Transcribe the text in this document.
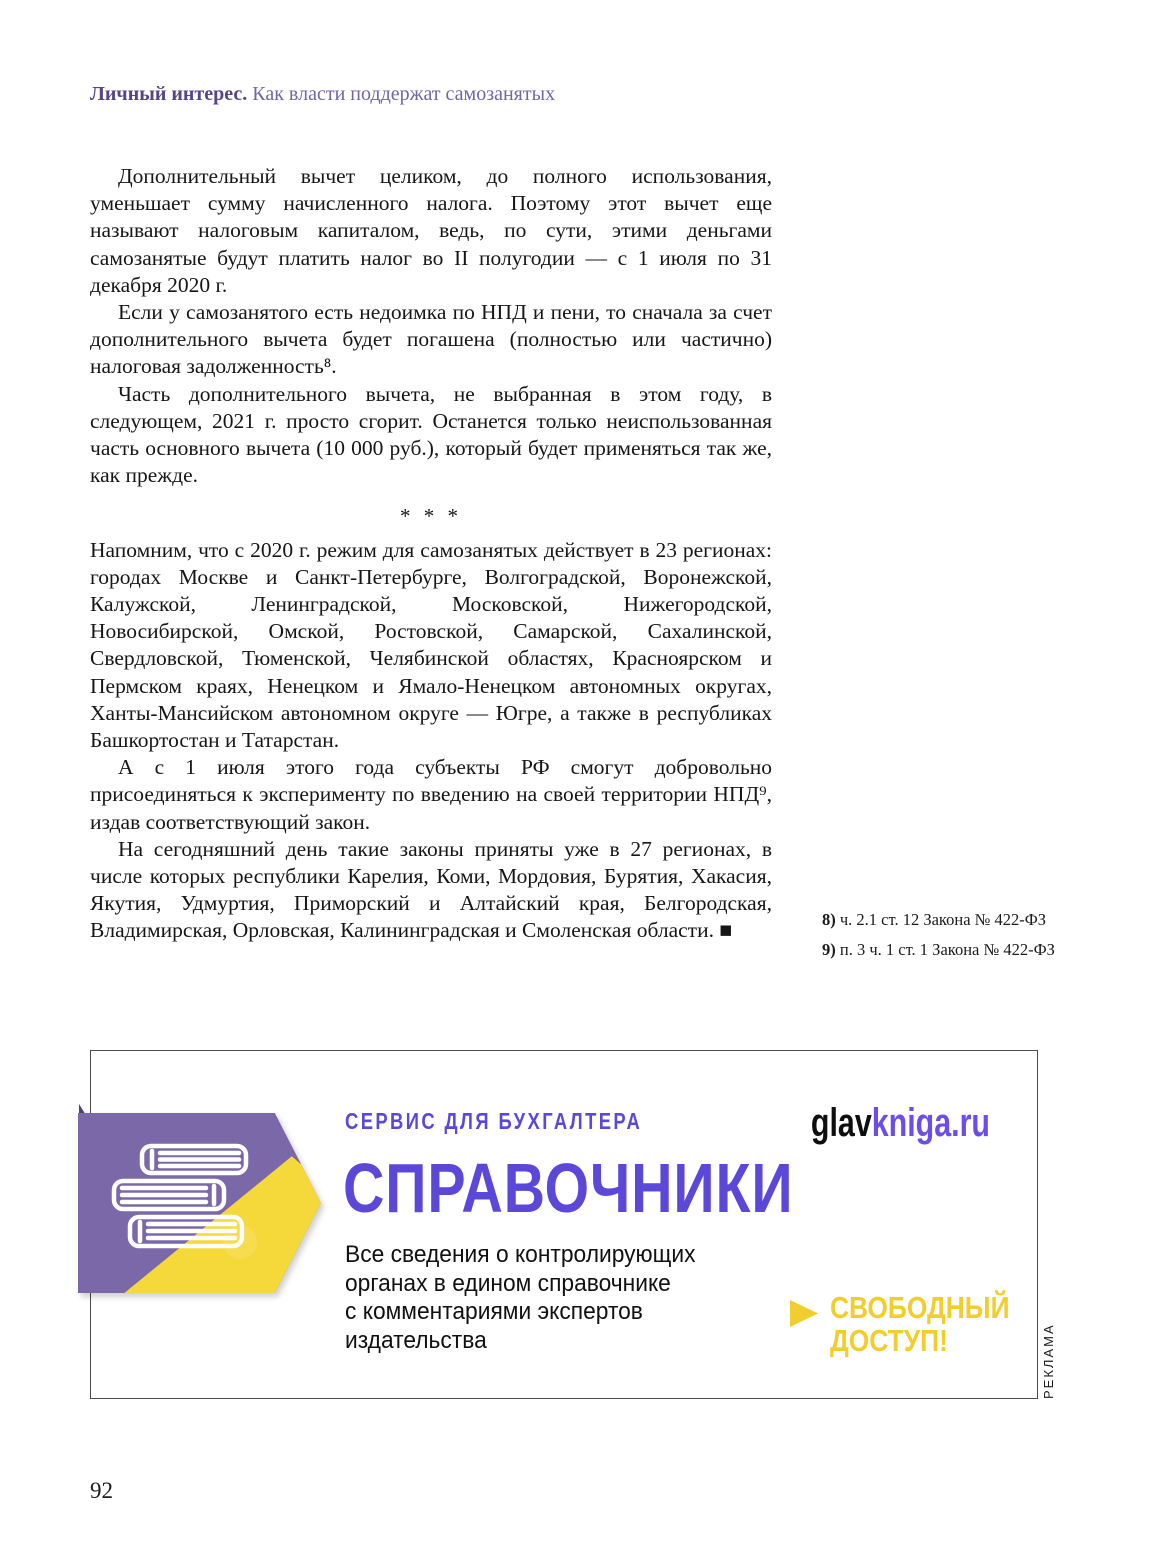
Личный интерес. Как власти поддержат самозанятых

Дополнительный вычет целиком, до полного использования, уменьшает сумму начисленного налога. Поэтому этот вычет еще называют налоговым капиталом, ведь, по сути, этими деньгами самозанятые будут платить налог во II полугодии — с 1 июля по 31 декабря 2020 г.

Если у самозанятого есть недоимка по НПД и пени, то сначала за счет дополнительного вычета будет погашена (полностью или частично) налоговая задолженность⁸.

Часть дополнительного вычета, не выбранная в этом году, в следующем, 2021 г. просто сгорит. Останется только неиспользованная часть основного вычета (10 000 руб.), который будет применяться так же, как прежде.

* * *

Напомним, что с 2020 г. режим для самозанятых действует в 23 регионах: городах Москве и Санкт-Петербурге, Волгоградской, Воронежской, Калужской, Ленинградской, Московской, Нижегородской, Новосибирской, Омской, Ростовской, Самарской, Сахалинской, Свердловской, Тюменской, Челябинской областях, Красноярском и Пермском краях, Ненецком и Ямало-Ненецком автономных округах, Ханты-Мансийском автономном округе — Югре, а также в республиках Башкортостан и Татарстан.

А с 1 июля этого года субъекты РФ смогут добровольно присоединяться к эксперименту по введению на своей территории НПД⁹, издав соответствующий закон.

На сегодняшний день такие законы приняты уже в 27 регионах, в числе которых республики Карелия, Коми, Мордовия, Бурятия, Хакасия, Якутия, Удмуртия, Приморский и Алтайский края, Белгородская, Владимирская, Орловская, Калининградская и Смоленская области. ■	8) ч. 2.1 ст. 12 Закона № 422-ФЗ

9) п. 3 ч. 1 ст. 1 Закона № 422-ФЗ

СЕРВИС ДЛЯ БУХГАЛТЕРА
СПРАВОЧНИКИ
Все сведения о контролирующих
органах в едином справочнике
с комментариями экспертов
издательства
glavkniga.ru
СВОБОДНЫЙ
ДОСТУП!	РЕКЛАМА
92
